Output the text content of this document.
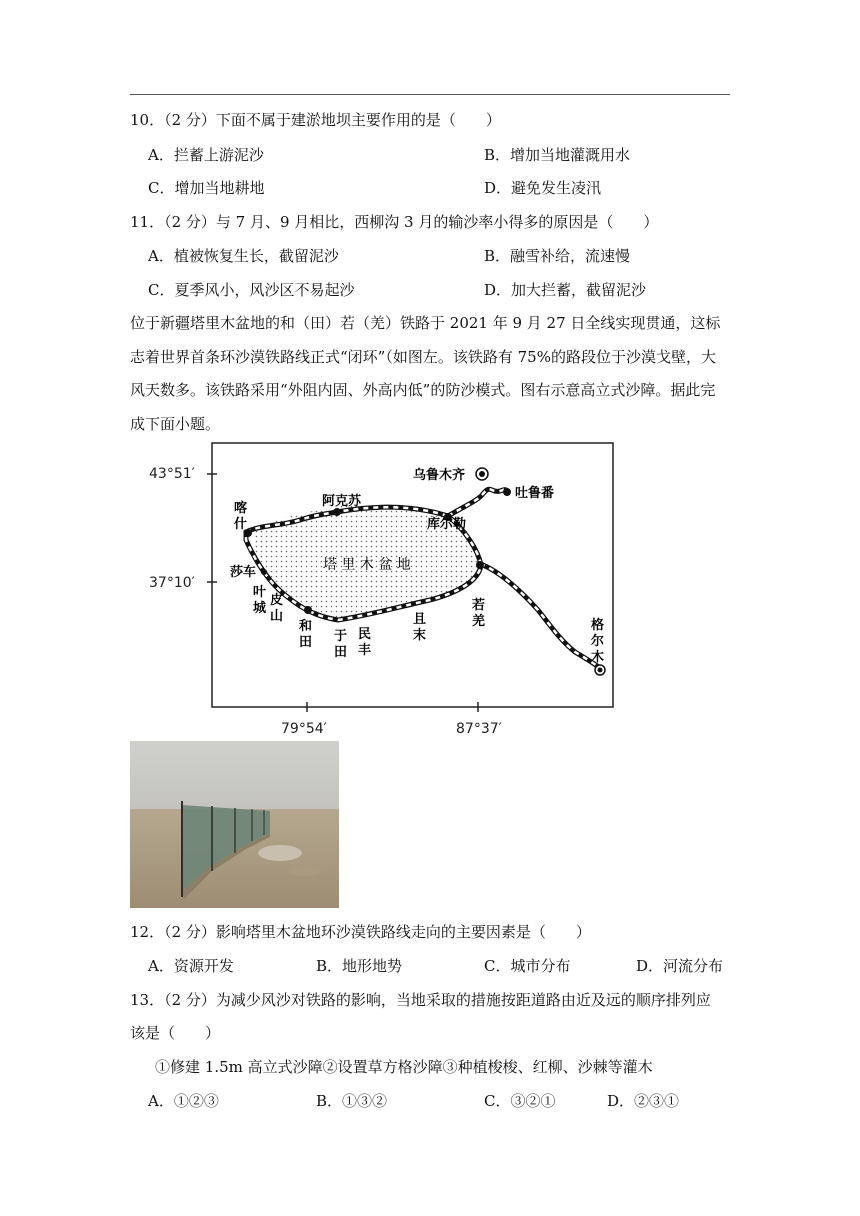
10．（2 分）下面不属于建淤地坝主要作用的是（　　）
A．拦蓄上游泥沙	B．增加当地灌溉用水
C．增加当地耕地	D．避免发生凌汛
11．（2 分）与 7 月、9 月相比，西柳沟 3 月的输沙率小得多的原因是（　　）
A．植被恢复生长，截留泥沙	B．融雪补给，流速慢
C．夏季风小，风沙区不易起沙	D．加大拦蓄，截留泥沙
位于新疆塔里木盆地的和（田）若（羌）铁路于 2021 年 9 月 27 日全线实现贯通，这标志着世界首条环沙漠铁路线正式“闭环”（如图左。该铁路有 75%的路段位于沙漠戈壁，大风天数多。该铁路采用“外阻内固、外高内低”的防沙模式。图右示意高立式沙障。据此完成下面小题。
43°51′
37°10′
79°54′	87°37′
乌鲁木齐
吐鲁番
喀
什
阿克苏
库尔勒
莎车
叶
城
皮
山
和
田 于
田
民
丰
且
末
若
羌	格
尔
木
塔 里 木 盆 地
12．（2 分）影响塔里木盆地环沙漠铁路线走向的主要因素是（　　）
A．资源开发	B．地形地势	C．城市分布	D．河流分布
13．（2 分）为减少风沙对铁路的影响，当地采取的措施按距道路由近及远的顺序排列应
该是（　　）
①修建 1.5m 高立式沙障②设置草方格沙障③种植梭梭、红柳、沙棘等灌木
A．①②③	B．①③②	C．③②①	D．②③①
